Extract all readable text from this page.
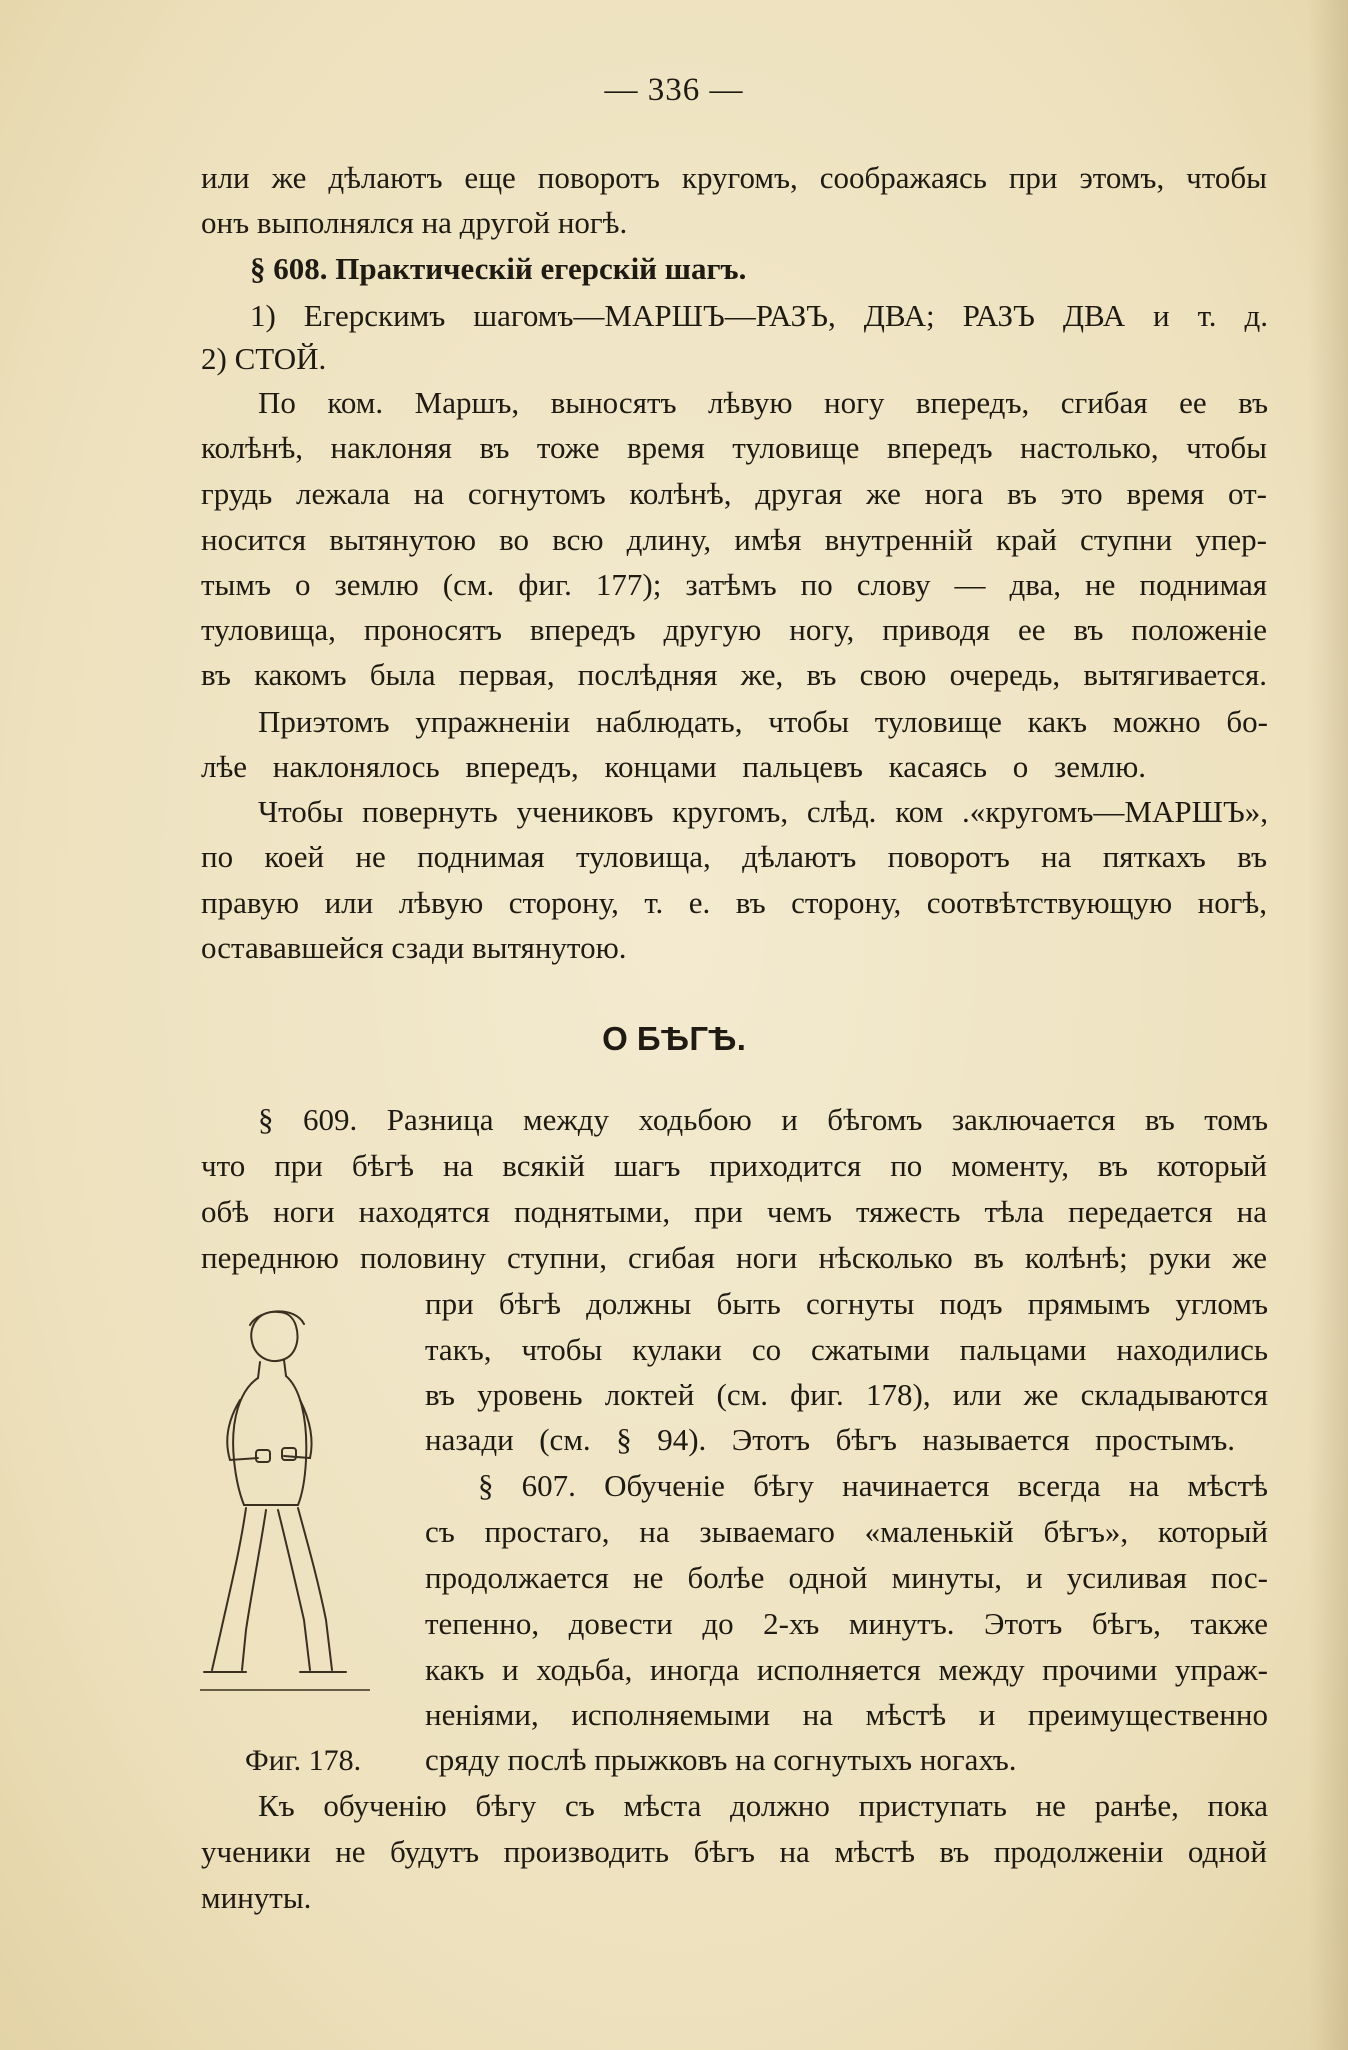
— 336 —
или же дѣлаютъ еще поворотъ кругомъ, соображаясь при этомъ, чтобы
онъ выполнялся на другой ногѣ.
§ 608. Практическій егерскій шагъ.
1) Егерскимъ шагомъ—МАРШЪ—РАЗЪ, ДВА; РАЗЪ ДВА и т. д.
2) СТОЙ.
По ком. Маршъ, выносятъ лѣвую ногу впередъ, сгибая ее въ
колѣнѣ, наклоняя въ тоже время туловище впередъ настолько, чтобы
грудь лежала на согнутомъ колѣнѣ, другая же нога въ это время от-
носится вытянутою во всю длину, имѣя внутренній край ступни упер-
тымъ о землю (см. фиг. 177); затѣмъ по слову — два, не поднимая
туловища, проносятъ впередъ другую ногу, приводя ее въ положеніе
въ какомъ была первая, послѣдняя же, въ свою очередь, вытягивается.
Приэтомъ упражненіи наблюдать, чтобы туловище какъ можно бо-
лѣе наклонялось впередъ, концами пальцевъ касаясь о землю.
Чтобы повернуть учениковъ кругомъ, слѣд. ком .«кругомъ—МАРШЪ»,
по коей не поднимая туловища, дѣлаютъ поворотъ на пяткахъ въ
правую или лѣвую сторону, т. е. въ сторону, соотвѣтствующую ногѣ,
остававшейся сзади вытянутою.
О БѢГѢ.
§ 609. Разница между ходьбою и бѣгомъ заключается въ томъ
что при бѣгѣ на всякій шагъ приходится по моменту, въ который
обѣ ноги находятся поднятыми, при чемъ тяжесть тѣла передается на
переднюю половину ступни, сгибая ноги нѣсколько въ колѣнѣ; руки же
при бѣгѣ должны быть согнуты подъ прямымъ угломъ
такъ, чтобы кулаки со сжатыми пальцами находились
въ уровень локтей (см. фиг. 178), или же складываются
назади (см. § 94). Этотъ бѣгъ называется простымъ.
§ 607. Обученіе бѣгу начинается всегда на мѣстѣ
съ простаго, на зываемаго «маленькій бѣгъ», который
продолжается не болѣе одной минуты, и усиливая пос-
тепенно, довести до 2-хъ минутъ. Этотъ бѣгъ, также
какъ и ходьба, иногда исполняется между прочими упраж-
неніями, исполняемыми на мѣстѣ и преимущественно
сряду послѣ прыжковъ на согнутыхъ ногахъ.
Фиг. 178.
Къ обученію бѣгу съ мѣста должно приступать не ранѣе, пока
ученики не будутъ производить бѣгъ на мѣстѣ въ продолженіи одной
минуты.
